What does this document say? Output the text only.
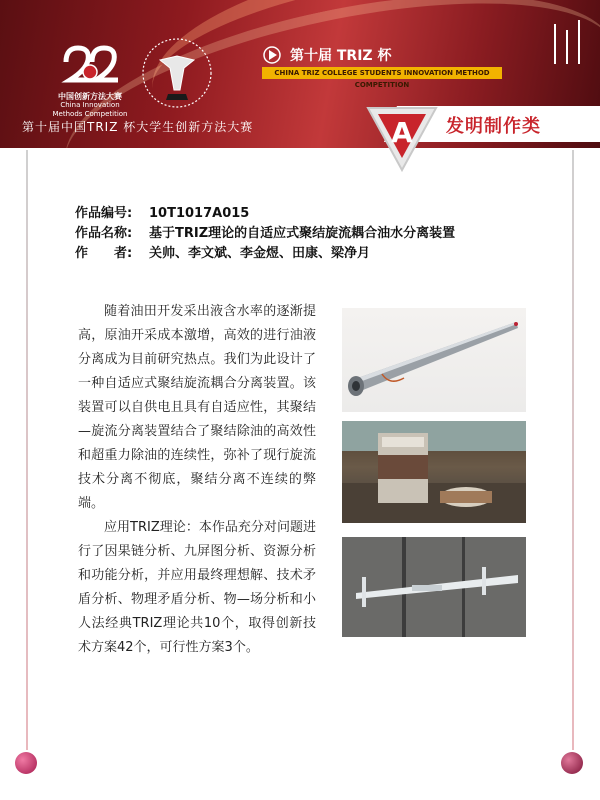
中国创新方法大赛
China Innovation Methods Competition
第十届中国TRIZ 杯大学生创新方法大赛
第十届 TRIZ 杯
CHINA TRIZ COLLEGE STUDENTS INNOVATION METHOD COMPETITION
发明制作类
A
作品编号:	10T1017A015
作品名称:	基于TRIZ理论的自适应式聚结旋流耦合油水分离装置
作　　者:	关帅、李文斌、李金煜、田康、梁净月

随着油田开发采出液含水率的逐渐提高，原油开采成本激增，高效的进行油液分离成为目前研究热点。我们为此设计了一种自适应式聚结旋流耦合分离装置。该装置可以自供电且具有自适应性，其聚结—旋流分离装置结合了聚结除油的高效性和超重力除油的连续性，弥补了现行旋流技术分离不彻底，聚结分离不连续的弊端。

应用TRIZ理论：本作品充分对问题进行了因果链分析、九屏图分析、资源分析和功能分析，并应用最终理想解、技术矛盾分析、物理矛盾分析、物—场分析和小人法经典TRIZ理论共10个，取得创新技术方案42个，可行性方案3个。
